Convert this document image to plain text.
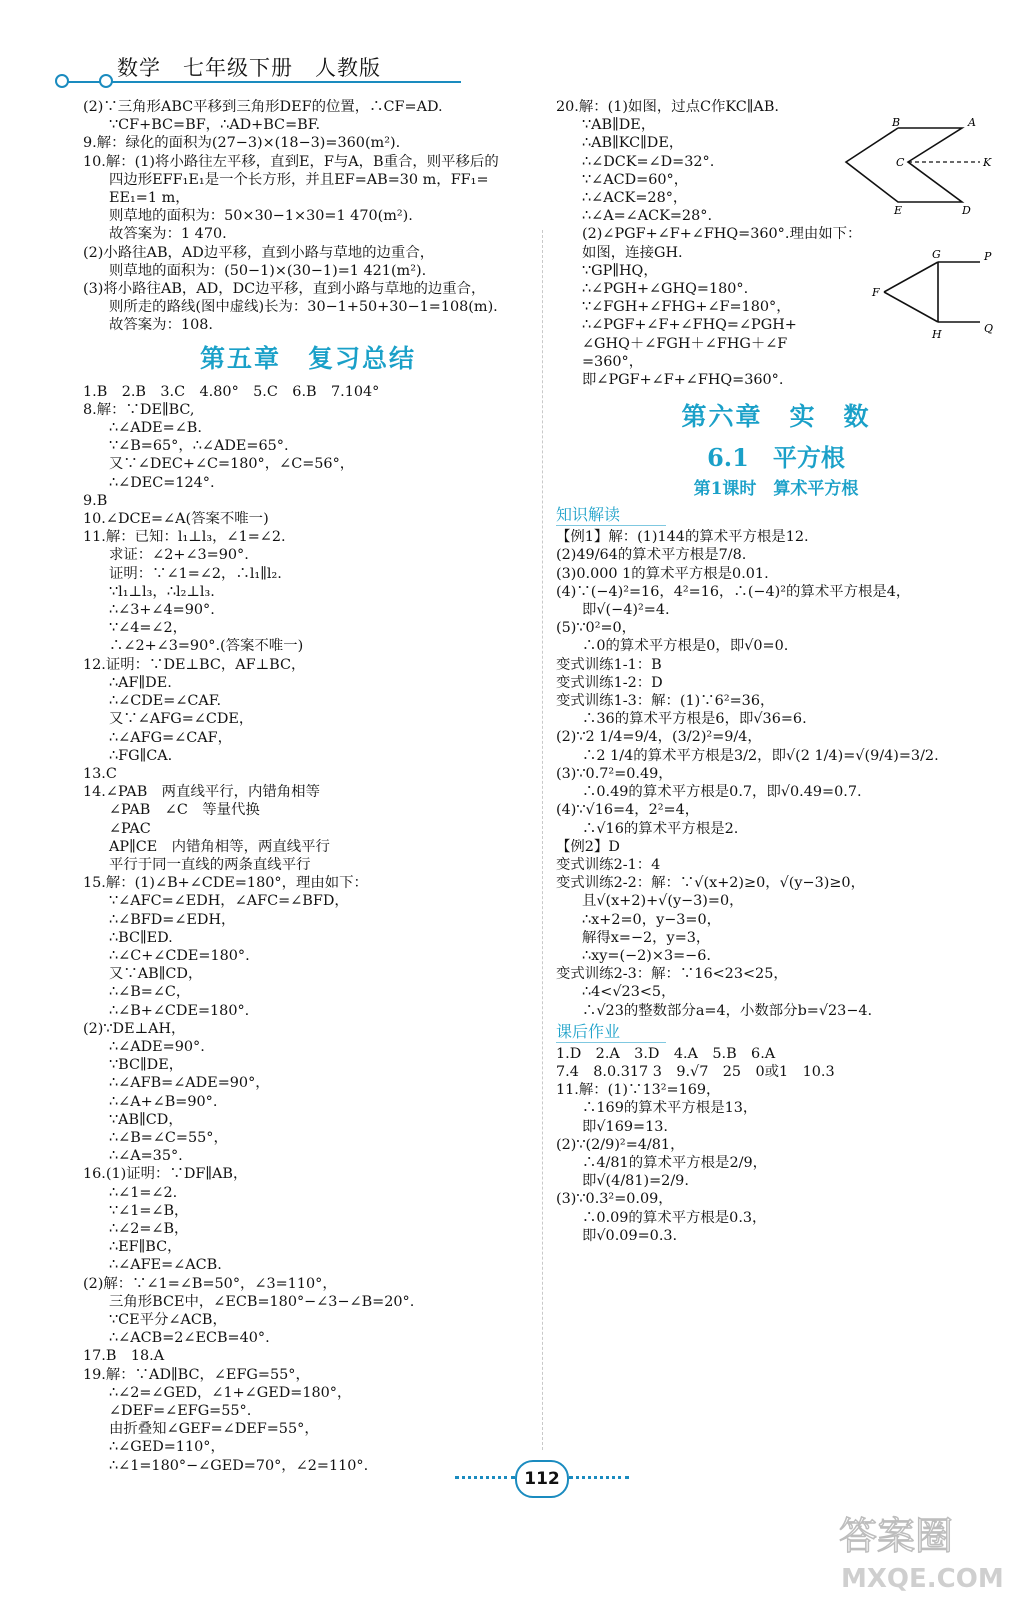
数学　七年级下册　人教版
(2)∵三角形ABC平移到三角形DEF的位置，∴CF=AD.
∵CF+BC=BF，∴AD+BC=BF.
9.解：绿化的面积为(27−3)×(18−3)=360(m²).
10.解：(1)将小路往左平移，直到E，F与A，B重合，则平移后的
四边形EFF₁E₁是一个长方形，并且EF=AB=30 m，FF₁=
EE₁=1 m，
则草地的面积为：50×30−1×30=1 470(m²).
故答案为：1 470.
(2)小路往AB，AD边平移，直到小路与草地的边重合，
则草地的面积为：(50−1)×(30−1)=1 421(m²).
(3)将小路往AB，AD，DC边平移，直到小路与草地的边重合，
则所走的路线(图中虚线)长为：30−1+50+30−1=108(m).
故答案为：108.
第五章　复习总结
1.B　2.B　3.C　4.80°　5.C　6.B　7.104°
8.解：∵DE∥BC,
∴∠ADE=∠B.
∵∠B=65°，∴∠ADE=65°.
又∵∠DEC+∠C=180°，∠C=56°，
∴∠DEC=124°.
9.B
10.∠DCE=∠A(答案不唯一)
11.解：已知：l₁⊥l₃，∠1=∠2.
求证：∠2+∠3=90°.
证明：∵∠1=∠2，∴l₁∥l₂.
∵l₁⊥l₃，∴l₂⊥l₃.
∴∠3+∠4=90°.
∵∠4=∠2，
∴∠2+∠3=90°.(答案不唯一)
12.证明：∵DE⊥BC，AF⊥BC，
∴AF∥DE.
∴∠CDE=∠CAF.
又∵∠AFG=∠CDE，
∴∠AFG=∠CAF，
∴FG∥CA.
13.C
14.∠PAB　两直线平行，内错角相等
∠PAB　∠C　等量代换
∠PAC
AP∥CE　内错角相等，两直线平行
平行于同一直线的两条直线平行
15.解：(1)∠B+∠CDE=180°，理由如下：
∵∠AFC=∠EDH，∠AFC=∠BFD，
∴∠BFD=∠EDH，
∴BC∥ED.
∴∠C+∠CDE=180°.
又∵AB∥CD，
∴∠B=∠C，
∴∠B+∠CDE=180°.
(2)∵DE⊥AH，
∴∠ADE=90°.
∵BC∥DE，
∴∠AFB=∠ADE=90°，
∴∠A+∠B=90°.
∵AB∥CD，
∴∠B=∠C=55°，
∴∠A=35°.
16.(1)证明：∵DF∥AB，
∴∠1=∠2.
∵∠1=∠B，
∴∠2=∠B，
∴EF∥BC，
∴∠AFE=∠ACB.
(2)解：∵∠1=∠B=50°，∠3=110°，
三角形BCE中，∠ECB=180°−∠3−∠B=20°.
∵CE平分∠ACB，
∴∠ACB=2∠ECB=40°.
17.B　18.A
19.解：∵AD∥BC，∠EFG=55°，
∴∠2=∠GED，∠1+∠GED=180°，
∠DEF=∠EFG=55°.
由折叠知∠GEF=∠DEF=55°，
∴∠GED=110°，
∴∠1=180°−∠GED=70°，∠2=110°.
20.解：(1)如图，过点C作KC∥AB.
∵AB∥DE，
∴AB∥KC∥DE，
∴∠DCK=∠D=32°.
∵∠ACD=60°，
∴∠ACK=28°，
∴∠A=∠ACK=28°.
(2)∠PGF+∠F+∠FHQ=360°.理由如下：
如图，连接GH.
∵GP∥HQ，
∴∠PGH+∠GHQ=180°.
∵∠FGH+∠FHG+∠F=180°，
∴∠PGF+∠F+∠FHQ=∠PGH+
∠GHQ＋∠FGH＋∠FHG＋∠F
=360°，
即∠PGF+∠F+∠FHQ=360°.
第六章　实　数
6.1　平方根
第1课时　算术平方根
知识解读
【例1】解：(1)144的算术平方根是12.
(2)49/64的算术平方根是7/8.
(3)0.000 1的算术平方根是0.01.
(4)∵(−4)²=16，4²=16，∴(−4)²的算术平方根是4，
即√(−4)²=4.
(5)∵0²=0，
∴0的算术平方根是0，即√0=0.
变式训练1-1：B
变式训练1-2：D
变式训练1-3：解：(1)∵6²=36，
∴36的算术平方根是6，即√36=6.
(2)∵2 1/4=9/4，(3/2)²=9/4，
∴2 1/4的算术平方根是3/2，即√(2 1/4)=√(9/4)=3/2.
(3)∵0.7²=0.49，
∴0.49的算术平方根是0.7，即√0.49=0.7.
(4)∵√16=4，2²=4，
∴√16的算术平方根是2.
【例2】D
变式训练2-1：4
变式训练2-2：解：∵√(x+2)≥0，√(y−3)≥0，
且√(x+2)+√(y−3)=0，
∴x+2=0，y−3=0，
解得x=−2，y=3，
∴xy=(−2)×3=−6.
变式训练2-3：解：∵16<23<25，
∴4<√23<5，
∴√23的整数部分a=4，小数部分b=√23−4.
课后作业
1.D　2.A　3.D　4.A　5.B　6.A
7.4　8.0.317 3　9.√7　25　0或1　10.3
11.解：(1)∵13²=169，
∴169的算术平方根是13，
即√169=13.
(2)∵(2/9)²=4/81，
∴4/81的算术平方根是2/9，
即√(4/81)=2/9.
(3)∵0.3²=0.09，
∴0.09的算术平方根是0.3，
即√0.09=0.3.
B	A
C	K
E	D
G	P
F
H	Q
112
答案圈
MXQE.COM
